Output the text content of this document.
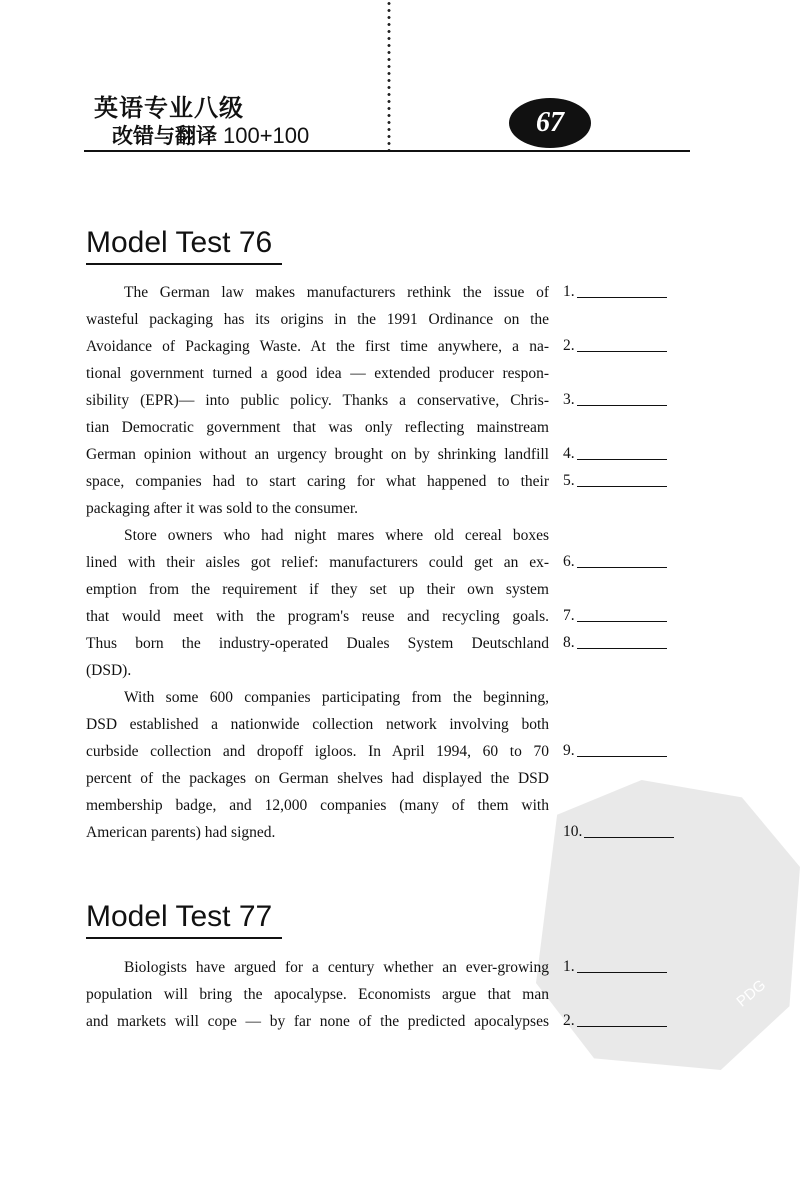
英语专业八级
改错与翻译 100+100	67
PDG
Model Test 76
The German law makes manufacturers rethink the issue of
wasteful packaging has its origins in the 1991 Ordinance on the
Avoidance of Packaging Waste. At the first time anywhere, a na-
tional government turned a good idea — extended producer respon-
sibility (EPR)— into public policy. Thanks a conservative, Chris-
tian Democratic government that was only reflecting mainstream
German opinion without an urgency brought on by shrinking landfill
space, companies had to start caring for what happened to their
packaging after it was sold to the consumer.
Store owners who had night mares where old cereal boxes
lined with their aisles got relief: manufacturers could get an ex-
emption from the requirement if they set up their own system
that would meet with the program's reuse and recycling goals.
Thus born the industry-operated Duales System Deutschland
(DSD).
With some 600 companies participating from the beginning,
DSD established a nationwide collection network involving both
curbside collection and dropoff igloos. In April 1994, 60 to 70
percent of the packages on German shelves had displayed the DSD
membership badge, and 12,000 companies (many of them with
American parents) had signed.
1.
2.
3.
4.
5.
6.
7.
8.
9.
10.
Model Test 77
Biologists have argued for a century whether an ever-growing
population will bring the apocalypse. Economists argue that man
and markets will cope — by far none of the predicted apocalypses
1.
2.
